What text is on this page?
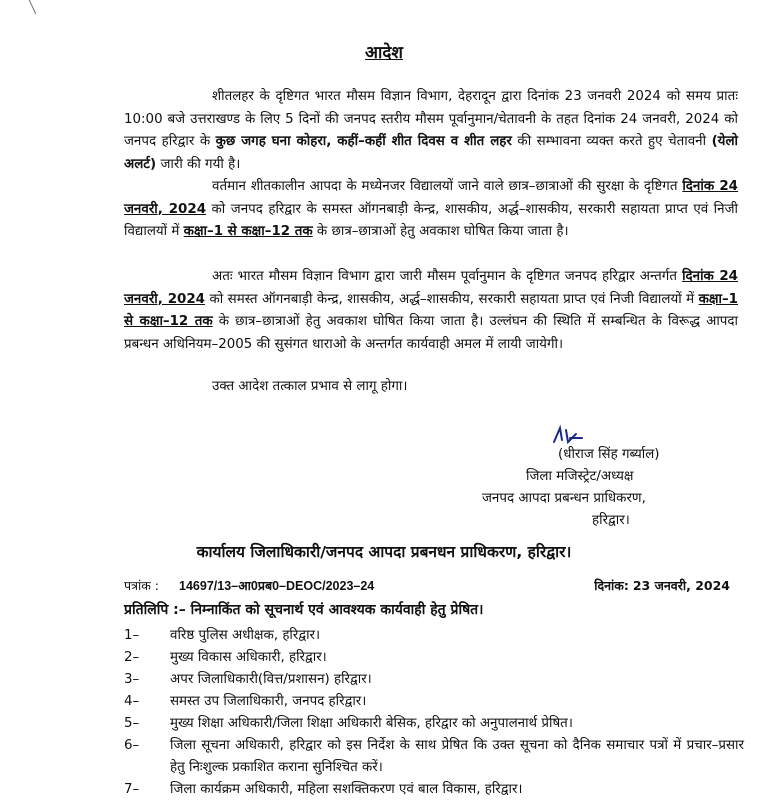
आदेश
शीतलहर के दृष्टिगत भारत मौसम विज्ञान विभाग, देहरादून द्वारा दिनांक 23 जनवरी 2024 को समय प्रातः 10:00 बजे उत्तराखण्ड के लिए 5 दिनों की जनपद स्तरीय मौसम पूर्वानुमान/चेतावनी के तहत दिनांक 24 जनवरी, 2024 को जनपद हरिद्वार के कुछ जगह घना कोहरा, कहीं–कहीं शीत दिवस व शीत लहर की सम्भावना व्यक्त करते हुए चेतावनी (येलो अलर्ट) जारी की गयी है।
वर्तमान शीतकालीन आपदा के मध्येनजर विद्यालयों जाने वाले छात्र–छात्राओं की सुरक्षा के दृष्टिगत दिनांक 24 जनवरी, 2024 को जनपद हरिद्वार के समस्त ऑगनबाड़ी केन्द्र, शासकीय, अर्द्ध–शासकीय, सरकारी सहायता प्राप्त एवं निजी विद्यालयों में कक्षा–1 से कक्षा–12 तक के छात्र–छात्राओं हेतु अवकाश घोषित किया जाता है।
अतः भारत मौसम विज्ञान विभाग द्वारा जारी मौसम पूर्वानुमान के दृष्टिगत जनपद हरिद्वार अन्तर्गत दिनांक 24 जनवरी, 2024 को समस्त ऑगनबाड़ी केन्द्र, शासकीय, अर्द्ध–शासकीय, सरकारी सहायता प्राप्त एवं निजी विद्यालयों में कक्षा–1 से कक्षा–12 तक के छात्र–छात्राओं हेतु अवकाश घोषित किया जाता है। उल्लंघन की स्थिति में सम्बन्धित के विरूद्ध आपदा प्रबन्धन अधिनियम–2005 की सुसंगत धाराओ के अन्तर्गत कार्यवाही अमल में लायी जायेगी।
उक्त आदेश तत्काल प्रभाव से लागू होगा।
(धीराज सिंह गर्ब्याल)
जिला मजिस्ट्रेट/अध्यक्ष
जनपद आपदा प्रबन्धन प्राधिकरण,
हरिद्वार।
कार्यालय जिलाधिकारी/जनपद आपदा प्रबनधन प्राधिकरण, हरिद्वार।
पत्रांक : 14697/13–आ0प्रब0–DEOC/2023–24	दिनांक: 23 जनवरी, 2024
प्रतिलिपि :– निम्नाकिंत को सूचनार्थ एवं आवश्यक कार्यवाही हेतु प्रेषित।
1–	वरिष्ठ पुलिस अधीक्षक, हरिद्वार।
2–	मुख्य विकास अधिकारी, हरिद्वार।
3–	अपर जिलाधिकारी(वित्त/प्रशासन) हरिद्वार।
4–	समस्त उप जिलाधिकारी, जनपद हरिद्वार।
5–	मुख्य शिक्षा अधिकारी/जिला शिक्षा अधिकारी बेसिक, हरिद्वार को अनुपालनार्थ प्रेषित।
6–	जिला सूचना अधिकारी, हरिद्वार को इस निर्देश के साथ प्रेषित कि उक्त सूचना को दैनिक समाचार पत्रों में प्रचार–प्रसार हेतु निःशुल्क प्रकाशित कराना सुनिश्चित करें।
7–	जिला कार्यक्रम अधिकारी, महिला सशक्तिकरण एवं बाल विकास, हरिद्वार।
